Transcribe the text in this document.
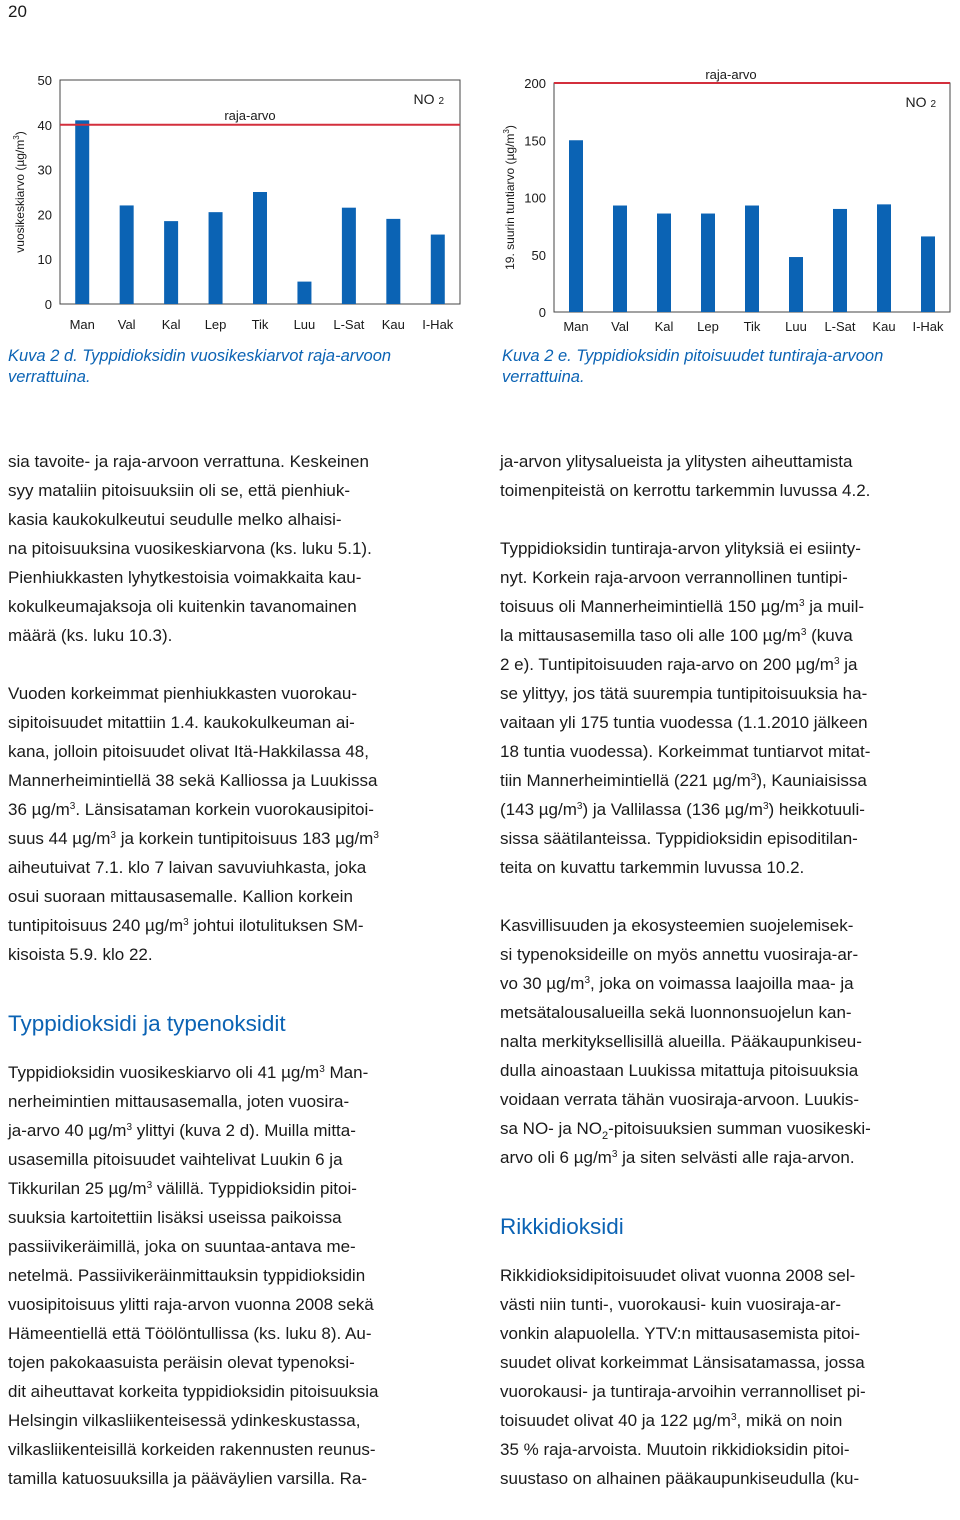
20
0
10
20
30
40
50
vuosikeskiarvo $(\mu g/m^3)$
raja-arvo
NO 2
Man Val Kal Lep Tik Luu L-Sat Kau I-Hak
0
50
100
150
200
19. suurin tuntiarvo $(\mu g/m^3)$
raja-arvo
NO 2
Man Val Kal Lep Tik Luu L-Sat Kau I-Hak
Kuva 2 d. Typpidioksidin vuosikeskiarvot raja-arvoon
verrattuina.
Kuva 2 e. Typpidioksidin pitoisuudet tuntiraja-arvoon
verrattuina.

sia tavoite- ja raja-arvoon verrattuna. Keskeinen
syy mataliin pitoisuuksiin oli se, että pienhiuk-
kasia kaukokulkeutui seudulle melko alhaisi-
na pitoisuuksina vuosikeskiarvona (ks. luku 5.1).
Pienhiukkasten lyhytkestoisia voimakkaita kau-
kokulkeumajaksoja oli kuitenkin tavanomainen
määrä (ks. luku 10.3).

Vuoden korkeimmat pienhiukkasten vuorokau-
sipitoisuudet mitattiin 1.4. kaukokulkeuman ai-
kana, jolloin pitoisuudet olivat Itä-Hakkilassa 48,
Mannerheimintiellä 38 sekä Kalliossa ja Luukissa
36 $\mu g/m^3$. Länsisataman korkein vuorokausipitoi-
suus 44 $\mu g/m^3$ ja korkein tuntipitoisuus 183 $\mu g/m^3$
aiheutuivat 7.1. klo 7 laivan savuviuhkasta, joka
osui suoraan mittausasemalle. Kallion korkein
tuntipitoisuus 240 $\mu g/m^3$ johtui ilotulituksen SM-
kisoista 5.9. klo 22.

Typpidioksidi ja typenoksidit

Typpidioksidin vuosikeskiarvo oli 41 $\mu g/m^3$ Man-
nerheimintien mittausasemalla, joten vuosira-
ja-arvo 40 $\mu g/m^3$ ylittyi (kuva 2 d). Muilla mittа-
usasemilla pitoisuudet vaihtelivat Luukin 6 ja
Tikkurilan 25 $\mu g/m^3$ välillä. Typpidioksidin pitoi-
suuksia kartoitettiin lisäksi useissa paikoissa
passiivikeräimillä, joka on suuntaa-antava me-
netelmä. Passiivikeräinmittauksin typpidioksidin
vuosipitoisuus ylitti raja-arvon vuonna 2008 sekä
Hämeentiellä että Töölöntullissa (ks. luku 8). Au-
tojen pakokaasuista peräisin olevat typenoksi-
dit aiheuttavat korkeita typpidioksidin pitoisuuksia
Helsingin vilkasliikenteisessä ydinkeskustassa,
vilkasliikenteisillä korkeiden rakennusten reunus-
tamilla katuosuuksilla ja pääväylien varsilla. Ra-

ja-arvon ylitysalueista ja ylitysten aiheuttamista
toimenpiteistä on kerrottu tarkemmin luvussa 4.2.

Typpidioksidin tuntiraja-arvon ylityksiä ei esiinty-
nyt. Korkein raja-arvoon verrannollinen tuntipi-
toisuus oli Mannerheimintiellä 150 $\mu g/m^3$ ja muil-
la mittausasemilla taso oli alle 100 $\mu g/m^3$ (kuva
2 e). Tuntipitoisuuden raja-arvo on 200 $\mu g/m^3$ ja
se ylittyy, jos tätä suurempia tuntipitoisuuksia ha-
vaitaan yli 175 tuntia vuodessa (1.1.2010 jälkeen
18 tuntia vuodessa). Korkeimmat tuntiarvot mitat-
tiin Mannerheimintiellä (221 $\mu g/m^3$), Kauniaisissa
(143 $\mu g/m^3$) ja Vallilassa (136 $\mu g/m^3$) heikkotuuli-
sissa säätilanteissa. Typpidioksidin episoditilan-
teita on kuvattu tarkemmin luvussa 10.2.

Kasvillisuuden ja ekosysteemien suojelemisek-
si typenoksideille on myös annettu vuosiraja-ar-
vo 30 $\mu g/m^3$, joka on voimassa laajoilla maa- ja
metsätalousalueilla sekä luonnonsuojelun kan-
nalta merkityksellisillä alueilla. Pääkaupunkiseu-
dulla ainoastaan Luukissa mitattuja pitoisuuksia
voidaan verrata tähän vuosiraja-arvoon. Luukis-
sa NO- ja $NO_2$-pitoisuuksien summan vuosikeski-
arvo oli 6 $\mu g/m^3$ ja siten selvästi alle raja-arvon.

Rikkidioksidi

Rikkidioksidipitoisuudet olivat vuonna 2008 sel-
västi niin tunti-, vuorokausi- kuin vuosiraja-ar-
vonkin alapuolella. YTV:n mittausasemista pitoi-
suudet olivat korkeimmat Länsisatamassa, jossa
vuorokausi- ja tuntiraja-arvoihin verrannolliset pi-
toisuudet olivat 40 ja 122 $\mu g/m^3$, mikä on noin
35 % raja-arvoista. Muutoin rikkidioksidin pitoi-
suustaso on alhainen pääkaupunkiseudulla (ku-
